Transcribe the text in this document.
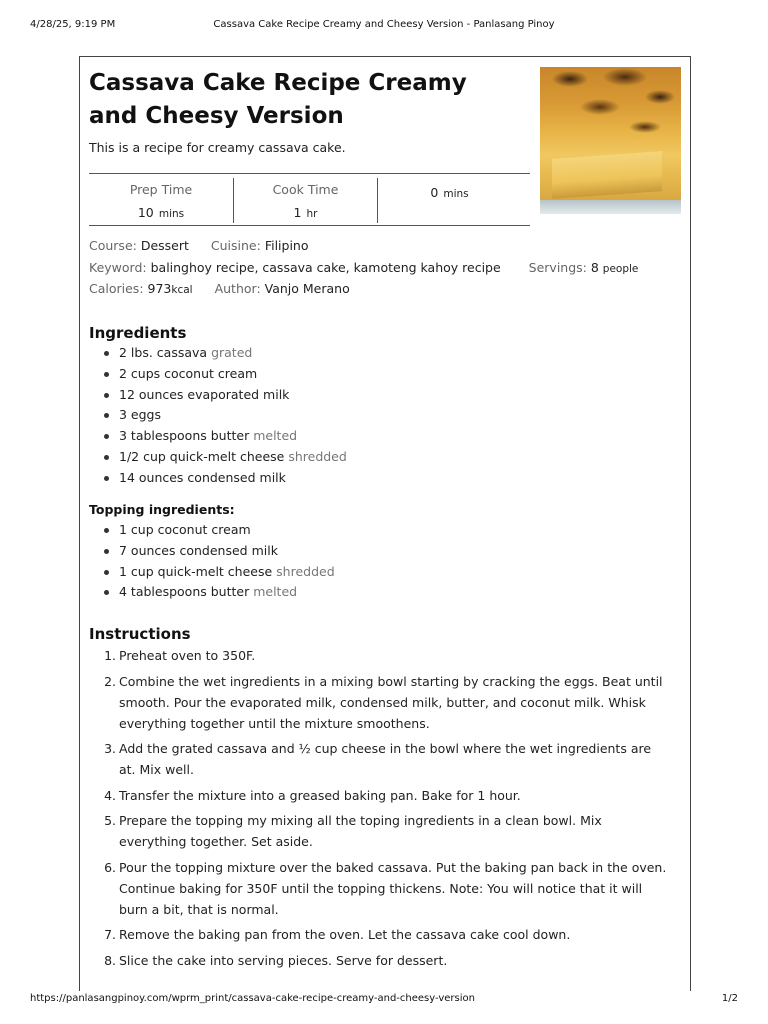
4/28/25, 9:19 PM	Cassava Cake Recipe Creamy and Cheesy Version - Panlasang Pinoy
Cassava Cake Recipe Creamy and Cheesy Version
This is a recipe for creamy cassava cake.
Prep Time
10 mins
Cook Time
1 hr
0 mins
Course: Dessert Cuisine: Filipino
Keyword: balinghoy recipe, cassava cake, kamoteng kahoy recipe Servings: 8 people
Calories: 973kcal Author: Vanjo Merano
Ingredients
2 lbs. cassava grated
2 cups coconut cream
12 ounces evaporated milk
3 eggs
3 tablespoons butter melted
1/2 cup quick-melt cheese shredded
14 ounces condensed milk
Topping ingredients:
1 cup coconut cream
7 ounces condensed milk
1 cup quick-melt cheese shredded
4 tablespoons butter melted
Instructions
1. Preheat oven to 350F.
2. Combine the wet ingredients in a mixing bowl starting by cracking the eggs. Beat until smooth. Pour the evaporated milk, condensed milk, butter, and coconut milk. Whisk everything together until the mixture smoothens.
3. Add the grated cassava and ½ cup cheese in the bowl where the wet ingredients are at. Mix well.
4. Transfer the mixture into a greased baking pan. Bake for 1 hour.
5. Prepare the topping my mixing all the toping ingredients in a clean bowl. Mix everything together. Set aside.
6. Pour the topping mixture over the baked cassava. Put the baking pan back in the oven. Continue baking for 350F until the topping thickens. Note: You will notice that it will burn a bit, that is normal.
7. Remove the baking pan from the oven. Let the cassava cake cool down.
8. Slice the cake into serving pieces. Serve for dessert.
https://panlasangpinoy.com/wprm_print/cassava-cake-recipe-creamy-and-cheesy-version	1/2
